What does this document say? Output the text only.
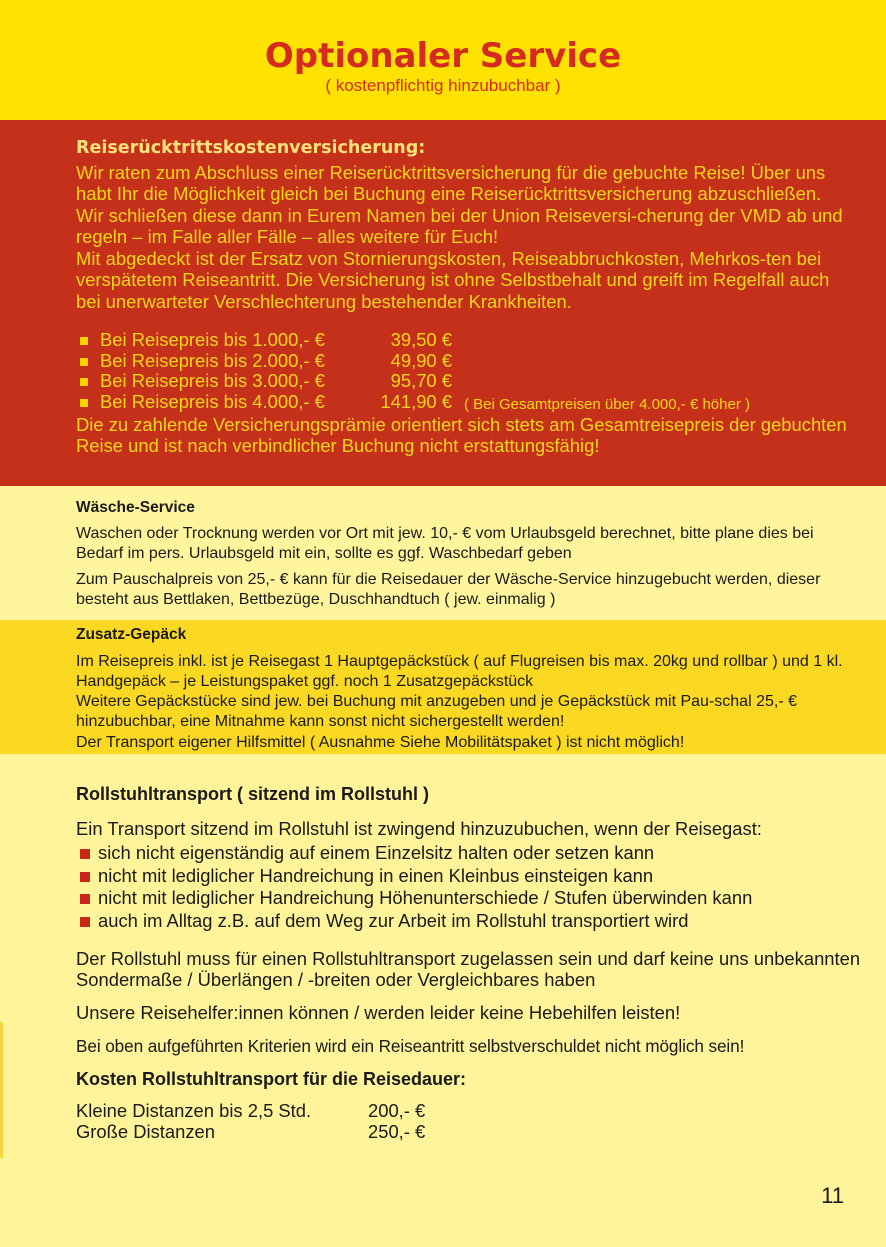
Optionaler Service
( kostenpflichtig hinzubuchbar )
Reiserücktrittskostenversicherung:

Wir raten zum Abschluss einer Reiserücktrittsversicherung für die gebuchte Reise! Über uns habt Ihr die Möglichkeit gleich bei Buchung eine Reiserücktrittsversicherung abzuschließen. Wir schließen diese dann in Eurem Namen bei der Union Reiseversi-cherung der VMD ab und regeln – im Falle aller Fälle – alles weitere für Euch!

Mit abgedeckt ist der Ersatz von Stornierungskosten, Reiseabbruchkosten, Mehrkos-ten bei verspätetem Reiseantritt. Die Versicherung ist ohne Selbstbehalt und greift im Regelfall auch bei unerwarteter Verschlechterung bestehender Krankheiten.

Bei Reisepreis bis 1.000,- €	39,50 €
Bei Reisepreis bis 2.000,- €	49,90 €
Bei Reisepreis bis 3.000,- €	95,70 €
Bei Reisepreis bis 4.000,- €	141,90 € ( Bei Gesamtpreisen über 4.000,- € höher )

Die zu zahlende Versicherungsprämie orientiert sich stets am Gesamtreisepreis der gebuchten Reise und ist nach verbindlicher Buchung nicht erstattungsfähig!

Wäsche-Service

Waschen oder Trocknung werden vor Ort mit jew. 10,- € vom Urlaubsgeld berechnet, bitte plane dies bei Bedarf im pers. Urlaubsgeld mit ein, sollte es ggf. Waschbedarf geben

Zum Pauschalpreis von 25,- € kann für die Reisedauer der Wäsche-Service hinzugebucht werden, dieser besteht aus Bettlaken, Bettbezüge, Duschhandtuch ( jew. einmalig )

Zusatz-Gepäck

Im Reisepreis inkl. ist je Reisegast 1 Hauptgepäckstück ( auf Flugreisen bis max. 20kg und rollbar ) und 1 kl. Handgepäck – je Leistungspaket ggf. noch 1 Zusatzgepäckstück

Weitere Gepäckstücke sind jew. bei Buchung mit anzugeben und je Gepäckstück mit Pau-schal 25,- € hinzubuchbar, eine Mitnahme kann sonst nicht sichergestellt werden!

Der Transport eigener Hilfsmittel ( Ausnahme Siehe Mobilitätspaket ) ist nicht möglich!

Rollstuhltransport ( sitzend im Rollstuhl )

Ein Transport sitzend im Rollstuhl ist zwingend hinzuzubuchen, wenn der Reisegast:

sich nicht eigenständig auf einem Einzelsitz halten oder setzen kann
nicht mit lediglicher Handreichung in einen Kleinbus einsteigen kann
nicht mit lediglicher Handreichung Höhenunterschiede / Stufen überwinden kann
auch im Alltag z.B. auf dem Weg zur Arbeit im Rollstuhl transportiert wird

Der Rollstuhl muss für einen Rollstuhltransport zugelassen sein und darf keine uns unbekannten Sondermaße / Überlängen / -breiten oder Vergleichbares haben

Unsere Reisehelfer:innen können / werden leider keine Hebehilfen leisten!

Bei oben aufgeführten Kriterien wird ein Reiseantritt selbstverschuldet nicht möglich sein!

Kosten Rollstuhltransport für die Reisedauer:
Kleine Distanzen bis 2,5 Std.	200,- €
Große Distanzen	250,- €
11
